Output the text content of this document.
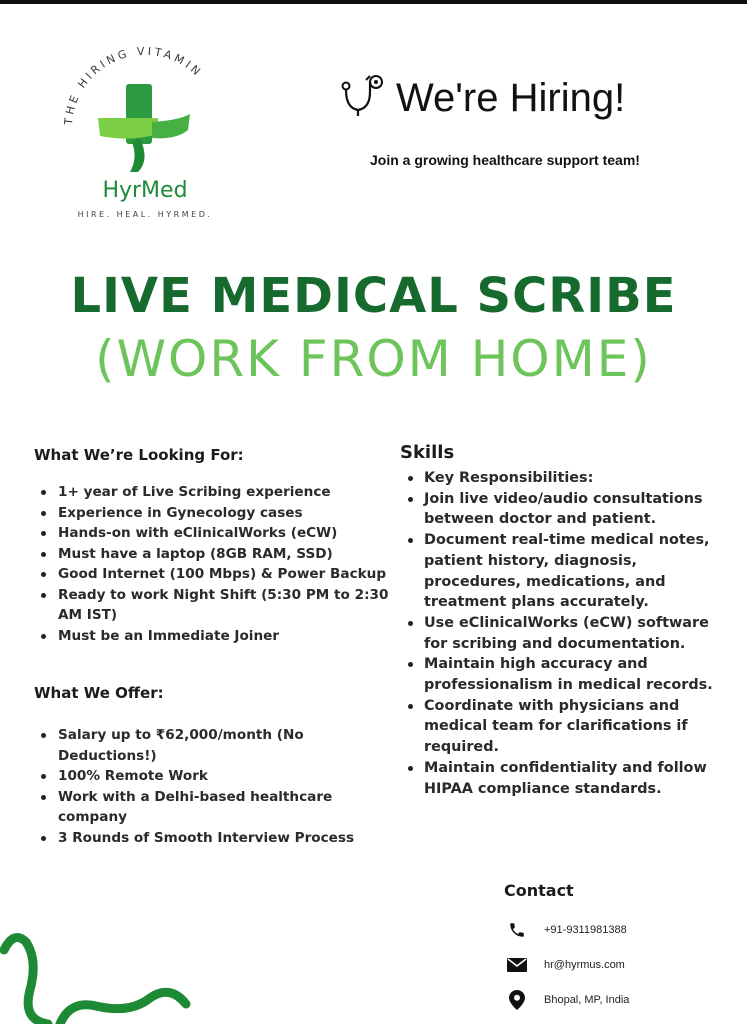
THE HIRING VITAMIN
HyrMed
HIRE. HEAL. HYRMED.
We're Hiring!
Join a growing healthcare support team!
LIVE MEDICAL SCRIBE
(WORK FROM HOME)
What We’re Looking For:
1+ year of Live Scribing experience
Experience in Gynecology cases
Hands-on with eClinicalWorks (eCW)
Must have a laptop (8GB RAM, SSD)
Good Internet (100 Mbps) & Power Backup
Ready to work Night Shift (5:30 PM to 2:30 AM IST)
Must be an Immediate Joiner
What We Offer:
Salary up to ₹62,000/month (No Deductions!)
100% Remote Work
Work with a Delhi-based healthcare company
3 Rounds of Smooth Interview Process
Skills
Key Responsibilities:
Join live video/audio consultations between doctor and patient.
Document real-time medical notes, patient history, diagnosis, procedures, medications, and treatment plans accurately.
Use eClinicalWorks (eCW) software for scribing and documentation.
Maintain high accuracy and professionalism in medical records.
Coordinate with physicians and medical team for clarifications if required.
Maintain confidentiality and follow HIPAA compliance standards.
Contact
+91-9311981388
hr@hyrmus.com
Bhopal, MP, India
